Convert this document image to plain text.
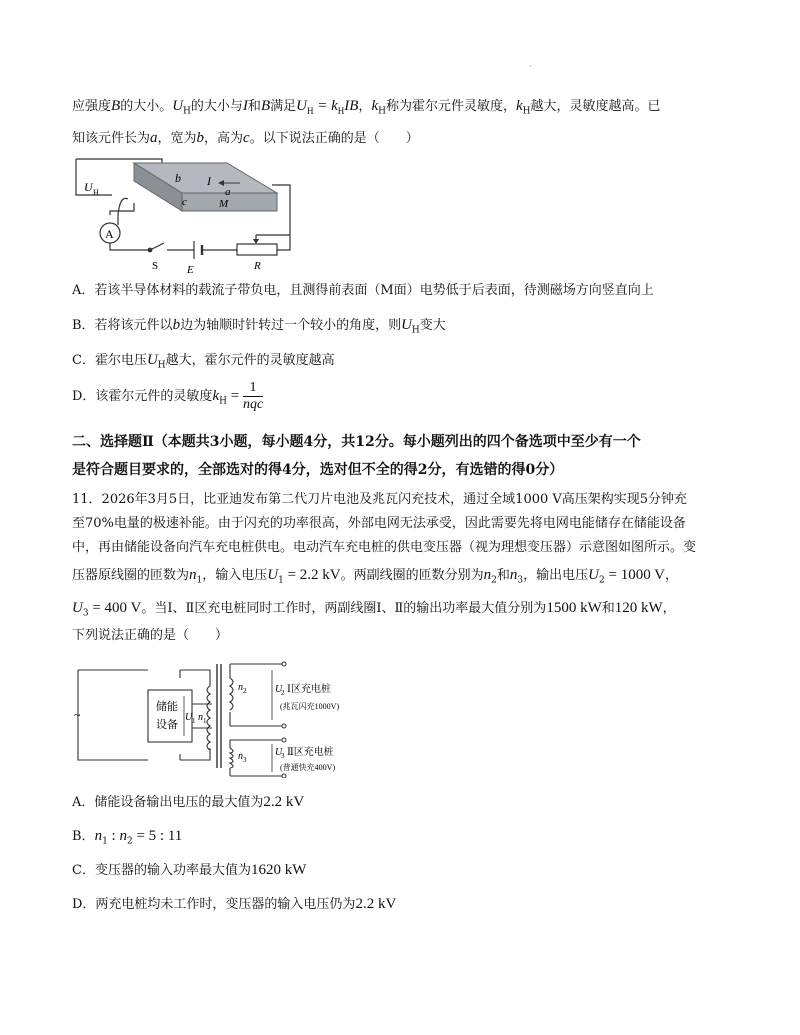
·
应强度B的大小。$U_H$的大小与I和B满足$U_H = k_HIB$，$k_H$称为霍尔元件灵敏度，$k_H$越大，灵敏度越高。已
知该元件长为a，宽为b，高为c。以下说法正确的是（　　）
A
U H
b I
a
c	M
S	E	R
A．若该半导体材料的载流子带负电，且测得前表面（M面）电势低于后表面，待测磁场方向竖直向上
B．若将该元件以b边为轴顺时针转过一个较小的角度，则$U_H$变大
C．霍尔电压$U_H$越大，霍尔元件的灵敏度越高
D．该霍尔元件的灵敏度$k_H = \frac{1}{\text{nqc}}$
二、选择题Ⅱ（本题共3小题，每小题4分，共12分。每小题列出的四个备选项中至少有一个
是符合题目要求的，全部选对的得4分，选对但不全的得2分，有选错的得0分）
11．2026年3月5日，比亚迪发布第二代刀片电池及兆瓦闪充技术，通过全域1000 V高压架构实现5分钟充
至70%电量的极速补能。由于闪充的功率很高，外部电网无法承受，因此需要先将电网电能储存在储能设备
中，再由储能设备向汽车充电桩供电。电动汽车充电桩的供电变压器（视为理想变压器）示意图如图所示。变
压器原线圈的匝数为$n_1$，输入电压$U_1 = 2.2$ kV。两副线圈的匝数分别为$n_2$和$n_3$，输出电压$U_2 = 1000$ V，
$U_3 = 400$ V。当Ⅰ、Ⅱ区充电桩同时工作时，两副线圈Ⅰ、Ⅱ的输出功率最大值分别为1500 kW和120 kW，
下列说法正确的是（　　）
~
储能
设备
U 1 n 1
n 2
n 3
U
2 Ⅰ区充电桩
(兆瓦闪充1000V)
U
3 Ⅱ区充电桩
(普通快充400V)
A．储能设备输出电压的最大值为2.2 kV
B．$n_1$ : $n_2 = 5$ : 11
C．变压器的输入功率最大值为1620 kW
D．两充电桩均未工作时，变压器的输入电压仍为2.2 kV
